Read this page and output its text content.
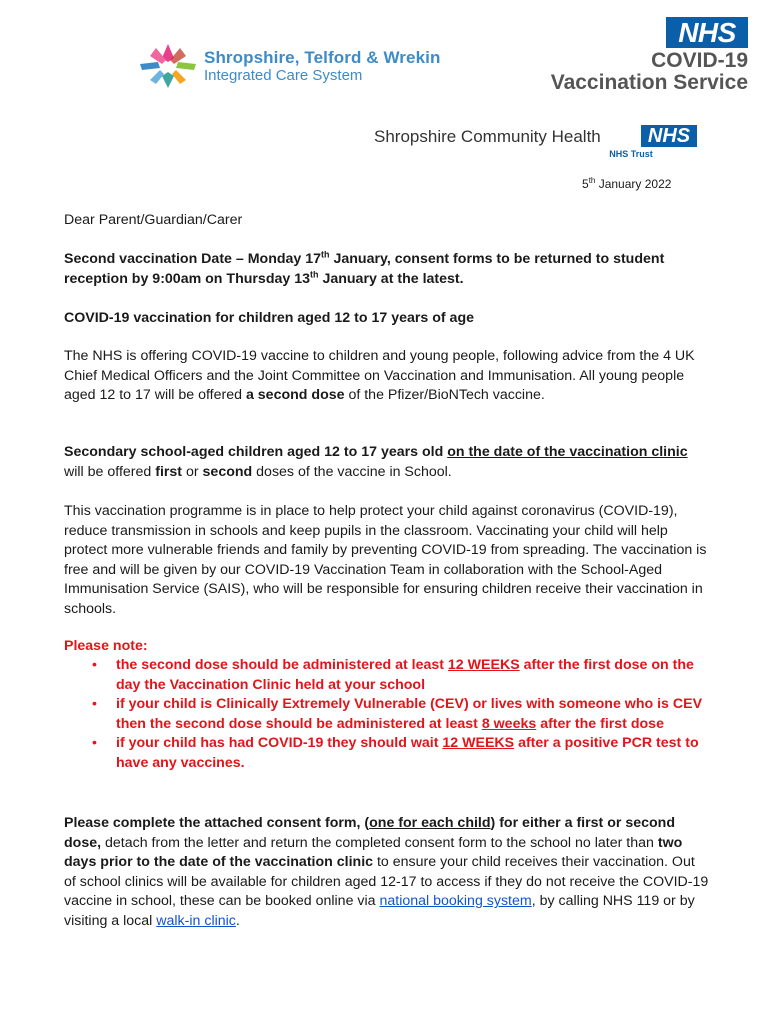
Shropshire, Telford & Wrekin
Integrated Care System
NHS
COVID-19
Vaccination Service
Shropshire Community Health	NHS
NHS Trust
5th January 2022
Dear Parent/Guardian/Carer
Second vaccination Date – Monday 17th January, consent forms to be returned to student reception by 9:00am on Thursday 13th January at the latest.
COVID-19 vaccination for children aged 12 to 17 years of age
The NHS is offering COVID-19 vaccine to children and young people, following advice from the 4 UK Chief Medical Officers and the Joint Committee on Vaccination and Immunisation. All young people aged 12 to 17 will be offered a second dose of the Pfizer/BioNTech vaccine.
Secondary school-aged children aged 12 to 17 years old on the date of the vaccination clinic will be offered first or second doses of the vaccine in School.
This vaccination programme is in place to help protect your child against coronavirus (COVID-19), reduce transmission in schools and keep pupils in the classroom. Vaccinating your child will help protect more vulnerable friends and family by preventing COVID-19 from spreading. The vaccination is free and will be given by our COVID-19 Vaccination Team in collaboration with the School-Aged Immunisation Service (SAIS), who will be responsible for ensuring children receive their vaccination in schools.
Please note:
• the second dose should be administered at least 12 WEEKS after the first dose on the day the Vaccination Clinic held at your school
• if your child is Clinically Extremely Vulnerable (CEV) or lives with someone who is CEV then the second dose should be administered at least 8 weeks after the first dose
• if your child has had COVID-19 they should wait 12 WEEKS after a positive PCR test to have any vaccines.
Please complete the attached consent form, (one for each child) for either a first or second dose, detach from the letter and return the completed consent form to the school no later than two days prior to the date of the vaccination clinic to ensure your child receives their vaccination. Out of school clinics will be available for children aged 12-17 to access if they do not receive the COVID-19 vaccine in school, these can be booked online via national booking system, by calling NHS 119 or by visiting a local walk-in clinic.
